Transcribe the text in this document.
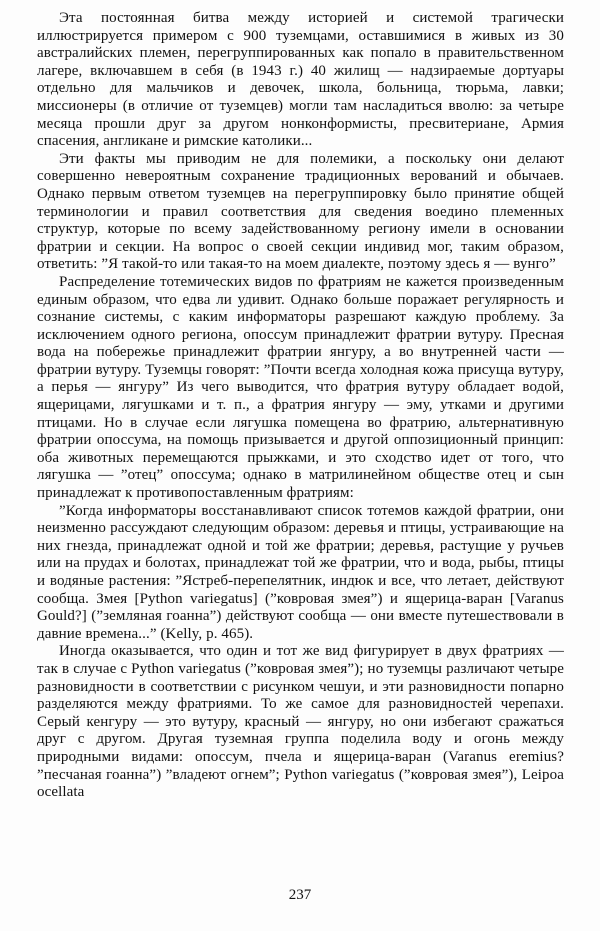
Эта постоянная битва между историей и системой трагически иллюстрируется примером с 900 туземцами, оставшимися в живых из 30 австралийских племен, перегруппированных как попало в правительственном лагере, включавшем в себя (в 1943 г.) 40 жилищ — надзираемые дортуары отдельно для мальчиков и девочек, школа, больница, тюрьма, лавки; миссионеры (в отличие от туземцев) могли там насладиться вволю: за четыре месяца прошли друг за другом нонконформисты, пресвитериане, Армия спасения, англикане и римские католики...

Эти факты мы приводим не для полемики, а поскольку они делают совершенно невероятным сохранение традиционных верований и обычаев. Однако первым ответом туземцев на перегруппировку было принятие общей терминологии и правил соответствия для сведения воедино племенных структур, которые по всему задействованному региону имели в основании фратрии и секции. На вопрос о своей секции индивид мог, таким образом, ответить: ”Я такой-то или такая-то на моем диалекте, поэтому здесь я — вунго”

Распределение тотемических видов по фратриям не кажется произведенным единым образом, что едва ли удивит. Однако больше поражает регулярность и сознание системы, с каким информаторы разрешают каждую проблему. За исключением одного региона, опоссум принадлежит фратрии вутуру. Пресная вода на побережье принадлежит фратрии янгуру, а во внутренней части — фратрии вутуру. Туземцы говорят: ”Почти всегда холодная кожа присуща вутуру, а перья — янгуру” Из чего выводится, что фратрия вутуру обладает водой, ящерицами, лягушками и т. п., а фратрия янгуру — эму, утками и другими птицами. Но в случае если лягушка помещена во фратрию, альтернативную фратрии опоссума, на помощь призывается и другой оппозиционный принцип: оба животных перемещаются прыжками, и это сходство идет от того, что лягушка — ”отец” опоссума; однако в матрилинейном обществе отец и сын принадлежат к противопоставленным фратриям:

”Когда информаторы восстанавливают список тотемов каждой фратрии, они неизменно рассуждают следующим образом: деревья и птицы, устраивающие на них гнезда, принадлежат одной и той же фратрии; деревья, растущие у ручьев или на прудах и болотах, принадлежат той же фратрии, что и вода, рыбы, птицы и водяные растения: ”Ястреб-перепелятник, индюк и все, что летает, действуют сообща. Змея [Python variegatus] (”ковровая змея”) и ящерица-варан [Varanus Gould?] (”земляная гоанна”) действуют сообща — они вместе путешествовали в давние времена...” (Kelly, p. 465).

Иногда оказывается, что один и тот же вид фигурирует в двух фратриях — так в случае с Python variegatus (”ковровая змея”); но туземцы различают четыре разновидности в соответствии с рисунком чешуи, и эти разновидности попарно разделяются между фратриями. То же самое для разновидностей черепахи. Серый кенгуру — это вутуру, красный — янгуру, но они избегают сражаться друг с другом. Другая туземная группа поделила воду и огонь между природными видами: опоссум, пчела и ящерица-варан (Varanus eremius? ”песчаная гоанна”) ”владеют огнем”; Python variegatus (”ковровая змея”), Leipoa ocellata

237
